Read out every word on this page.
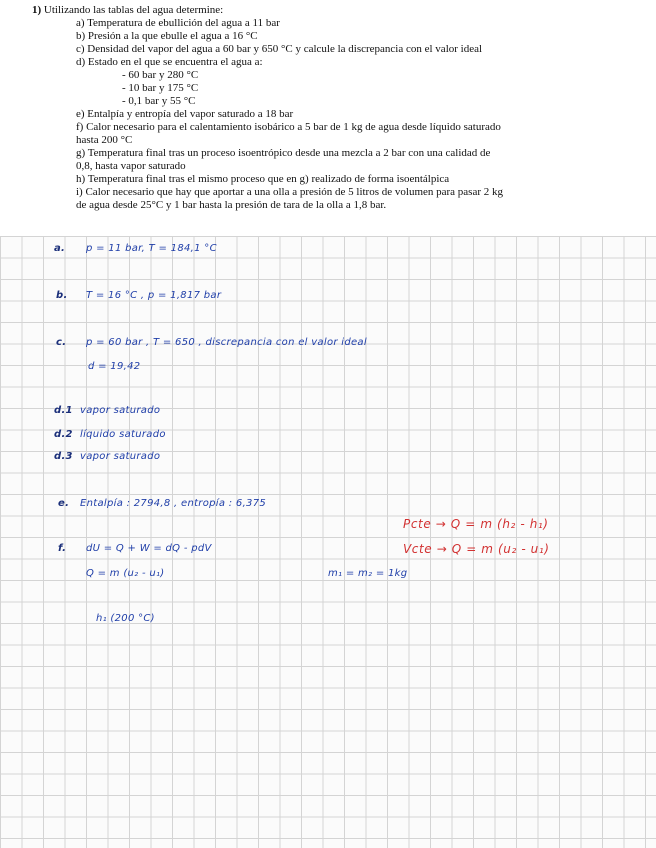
1) Utilizando las tablas del agua determine:
a) Temperatura de ebullición del agua a 11 bar
b) Presión a la que ebulle el agua a 16 °C
c) Densidad del vapor del agua a 60 bar y 650 °C y calcule la discrepancia con el valor ideal
d) Estado en el que se encuentra el agua a:
- 60 bar y 280 °C
- 10 bar y 175 °C
- 0,1 bar y 55 °C
e) Entalpía y entropía del vapor saturado a 18 bar
f) Calor necesario para el calentamiento isobárico a 5 bar de 1 kg de agua desde líquido saturado
hasta 200 °C
g) Temperatura final tras un proceso isoentrópico desde una mezcla a 2 bar con una calidad de
0,8, hasta vapor saturado
h) Temperatura final tras el mismo proceso que en g) realizado de forma isoentálpica
i) Calor necesario que hay que aportar a una olla a presión de 5 litros de volumen para pasar 2 kg
de agua desde 25°C y 1 bar hasta la presión de tara de la olla a 1,8 bar.
a. p = 11 bar, T = 184,1 °C
b. T = 16 °C , p = 1,817 bar
c. p = 60 bar , T = 650 , discrepancia con el valor ideal
d = 19,42
d.1 vapor saturado
d.2 líquido saturado
d.3 vapor saturado
e. Entalpía : 2794,8 , entropía : 6,375
Pcte → Q = m (h₂ - h₁)
Vcte → Q = m (u₂ - u₁)
f. dU = Q + W = dQ - pdV
Q = m (u₂ - u₁)	m₁ = m₂ = 1kg
h₁ (200 °C)
